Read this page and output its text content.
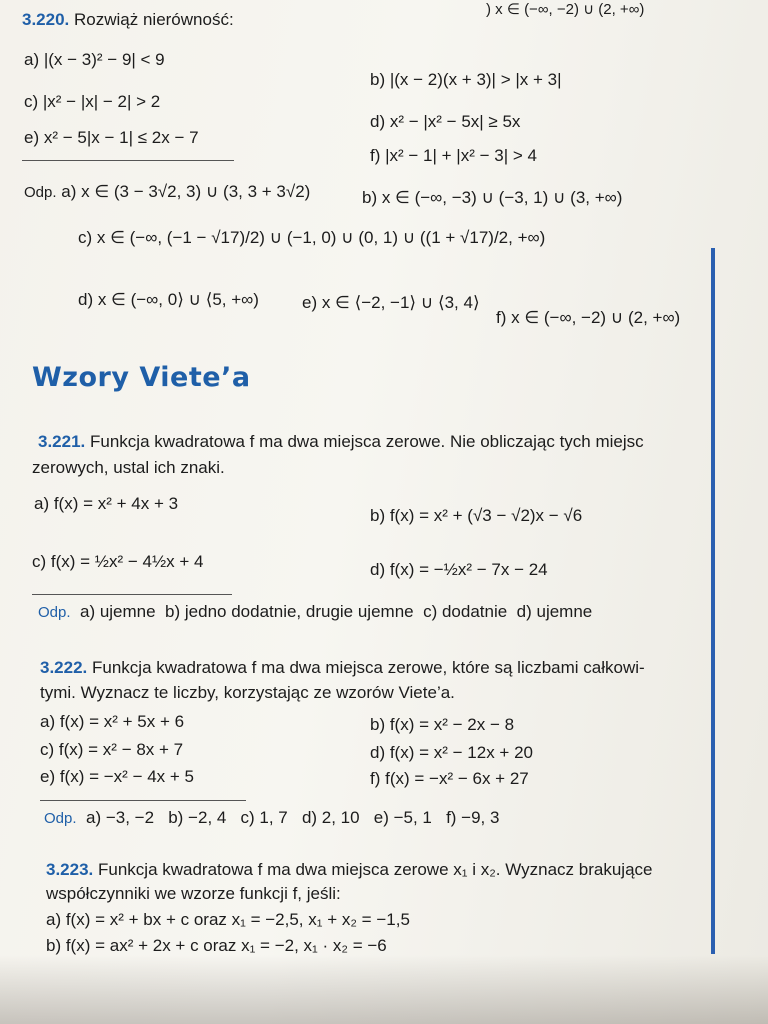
) x ∈ (−∞, −2) ∪ (2, +∞)
3.220. Rozwiąż nierówność:
a) |(x − 3)² − 9| < 9
b) |(x − 2)(x + 3)| > |x + 3|
c) |x² − |x| − 2| > 2
d) x² − |x² − 5x| ≥ 5x
e) x² − 5|x − 1| ≤ 2x − 7
f) |x² − 1| + |x² − 3| > 4
Odp. a) x ∈ (3 − 3√2, 3) ∪ (3, 3 + 3√2)	b) x ∈ (−∞, −3) ∪ (−3, 1) ∪ (3, +∞)
c) x ∈ (−∞, (−1 − √17)/2) ∪ (−1, 0) ∪ (0, 1) ∪ ((1 + √17)/2, +∞)
d) x ∈ (−∞, 0⟩ ∪ ⟨5, +∞)	e) x ∈ ⟨−2, −1⟩ ∪ ⟨3, 4⟩
f) x ∈ (−∞, −2) ∪ (2, +∞)
Wzory Viete’a
3.221. Funkcja kwadratowa f ma dwa miejsca zerowe. Nie obliczając tych miejsc
zerowych, ustal ich znaki.
a) f(x) = x² + 4x + 3
b) f(x) = x² + (√3 − √2)x − √6
c) f(x) = ½x² − 4½x + 4	d) f(x) = −½x² − 7x − 24
Odp. a) ujemne b) jedno dodatnie, drugie ujemne c) dodatnie d) ujemne
3.222. Funkcja kwadratowa f ma dwa miejsca zerowe, które są liczbami całkowi-
tymi. Wyznacz te liczby, korzystając ze wzorów Viete’a.
a) f(x) = x² + 5x + 6	b) f(x) = x² − 2x − 8
c) f(x) = x² − 8x + 7	d) f(x) = x² − 12x + 20
e) f(x) = −x² − 4x + 5	f) f(x) = −x² − 6x + 27
Odp. a) −3, −2 b) −2, 4 c) 1, 7 d) 2, 10 e) −5, 1 f) −9, 3
3.223. Funkcja kwadratowa f ma dwa miejsca zerowe x₁ i x₂. Wyznacz brakujące
współczynniki we wzorze funkcji f, jeśli:
a) f(x) = x² + bx + c oraz x₁ = −2,5, x₁ + x₂ = −1,5
b) f(x) = ax² + 2x + c oraz x₁ = −2, x₁ · x₂ = −6
